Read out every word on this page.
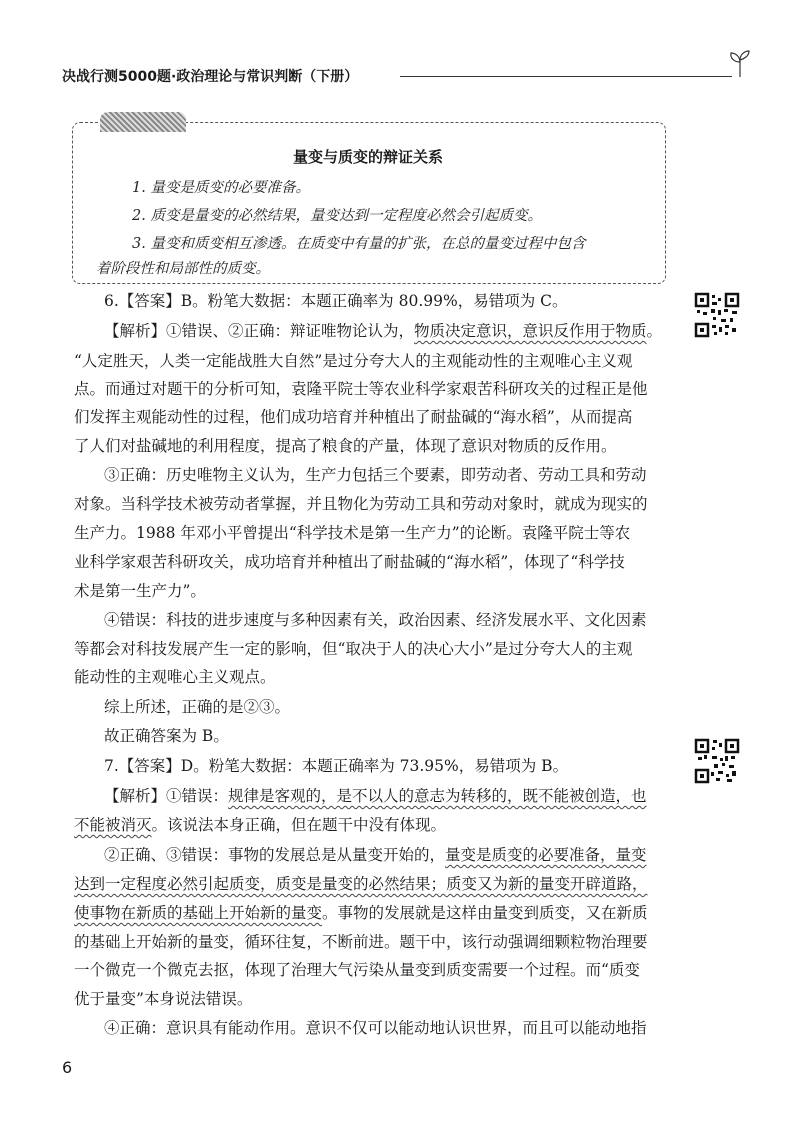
决战行测5000题·政治理论与常识判断（下册）
量变与质变的辩证关系
1. 量变是质变的必要准备。
2. 质变是量变的必然结果，量变达到一定程度必然会引起质变。
3. 量变和质变相互渗透。在质变中有量的扩张，在总的量变过程中包含
着阶段性和局部性的质变。
6.【答案】B。粉笔大数据：本题正确率为 80.99%，易错项为 C。
【解析】①错误、②正确：辩证唯物论认为，物质决定意识，意识反作用于物质。
“人定胜天，人类一定能战胜大自然”是过分夸大人的主观能动性的主观唯心主义观
点。而通过对题干的分析可知，袁隆平院士等农业科学家艰苦科研攻关的过程正是他
们发挥主观能动性的过程，他们成功培育并种植出了耐盐碱的“海水稻”，从而提高
了人们对盐碱地的利用程度，提高了粮食的产量，体现了意识对物质的反作用。
③正确：历史唯物主义认为，生产力包括三个要素，即劳动者、劳动工具和劳动
对象。当科学技术被劳动者掌握，并且物化为劳动工具和劳动对象时，就成为现实的
生产力。1988 年邓小平曾提出“科学技术是第一生产力”的论断。袁隆平院士等农
业科学家艰苦科研攻关，成功培育并种植出了耐盐碱的“海水稻”，体现了“科学技
术是第一生产力”。
④错误：科技的进步速度与多种因素有关，政治因素、经济发展水平、文化因素
等都会对科技发展产生一定的影响，但“取决于人的决心大小”是过分夸大人的主观
能动性的主观唯心主义观点。
综上所述，正确的是②③。
故正确答案为 B。
7.【答案】D。粉笔大数据：本题正确率为 73.95%，易错项为 B。
【解析】①错误：规律是客观的，是不以人的意志为转移的，既不能被创造，也
不能被消灭。该说法本身正确，但在题干中没有体现。
②正确、③错误：事物的发展总是从量变开始的，量变是质变的必要准备，量变
达到一定程度必然引起质变，质变是量变的必然结果；质变又为新的量变开辟道路，
使事物在新质的基础上开始新的量变。事物的发展就是这样由量变到质变，又在新质
的基础上开始新的量变，循环往复，不断前进。题干中，该行动强调细颗粒物治理要
一个微克一个微克去抠，体现了治理大气污染从量变到质变需要一个过程。而“质变
优于量变”本身说法错误。
④正确：意识具有能动作用。意识不仅可以能动地认识世界，而且可以能动地指
6
